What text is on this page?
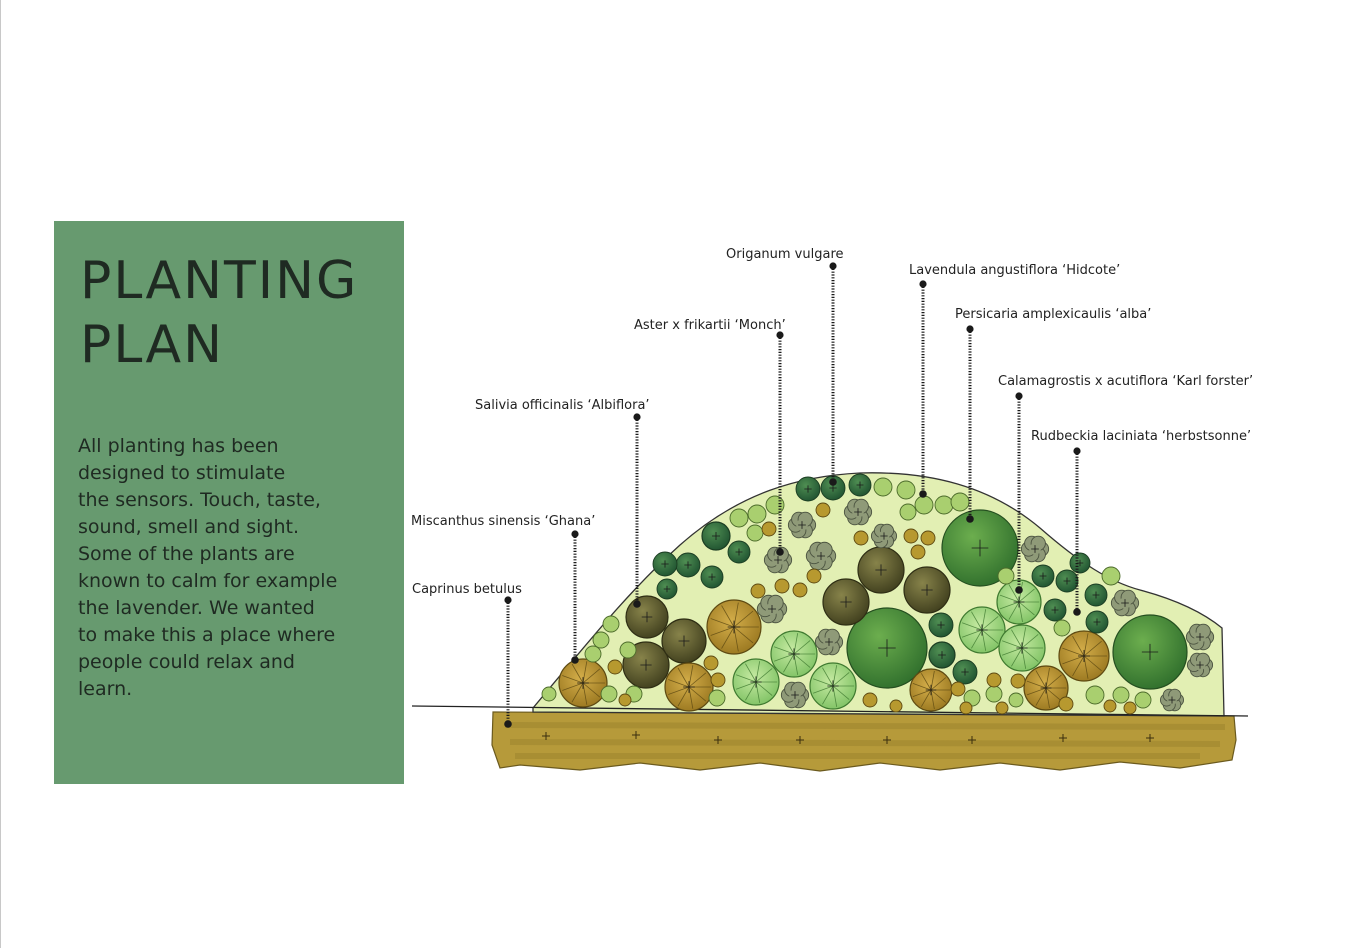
PLANTING
PLAN

All planting has been
designed to stimulate
the sensors. Touch, taste,
sound, smell and sight.
Some of the plants are
known to calm for example
the lavender. We wanted
to make this a place where
people could relax and
learn.

Origanum vulgare
Lavendula angustiflora ‘Hidcote’
Aster x frikartii ‘Monch’
Persicaria amplexicaulis ‘alba’
Calamagrostis x acutiflora ‘Karl forster’
Salivia officinalis ‘Albiflora’
Rudbeckia laciniata ‘herbstsonne’
Miscanthus sinensis ‘Ghana’
Caprinus betulus
